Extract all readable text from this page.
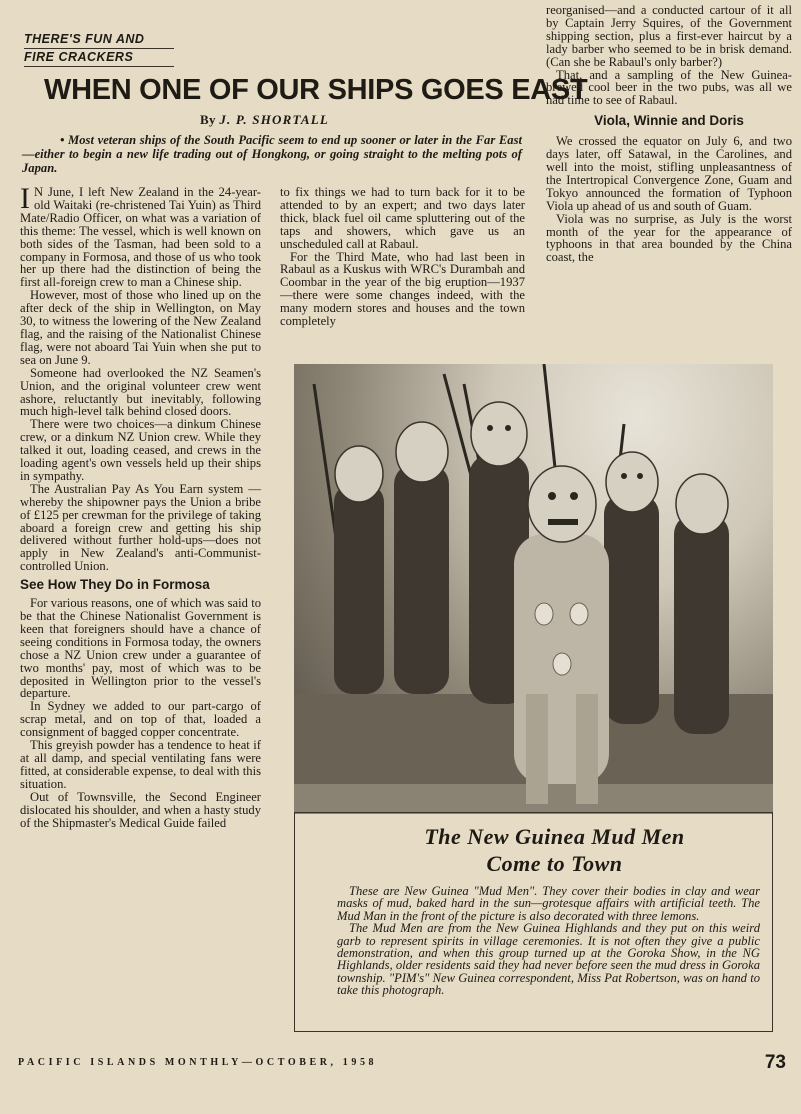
THERE'S FUN AND
FIRE CRACKERS
WHEN ONE OF OUR SHIPS GOES EAST
By J. P. SHORTALL
• Most veteran ships of the South Pacific seem to end up sooner or later in the Far East—either to begin a new life trading out of Hongkong, or going straight to the melting pots of Japan.

I N June, I left New Zealand in the 24-year-old Waitaki (re-christened Tai Yuin) as Third Mate/Radio Officer, on what was a variation of this theme: The vessel, which is well known on both sides of the Tasman, had been sold to a company in Formosa, and those of us who took her up there had the distinction of being the first all-foreign crew to man a Chinese ship.

However, most of those who lined up on the after deck of the ship in Wellington, on May 30, to witness the lowering of the New Zealand flag, and the raising of the Nationalist Chinese flag, were not aboard Tai Yuin when she put to sea on June 9.

Someone had overlooked the NZ Seamen's Union, and the original volunteer crew went ashore, reluctantly but inevitably, following much high-level talk behind closed doors.

There were two choices—a dinkum Chinese crew, or a dinkum NZ Union crew. While they talked it out, loading ceased, and crews in the loading agent's own vessels held up their ships in sympathy.

The Australian Pay As You Earn system — whereby the shipowner pays the Union a bribe of £125 per crewman for the privilege of taking aboard a foreign crew and getting his ship delivered without further hold-ups—does not apply in New Zealand's anti-Communist-controlled Union.

See How They Do in Formosa

For various reasons, one of which was said to be that the Chinese Nationalist Government is keen that foreigners should have a chance of seeing conditions in Formosa today, the owners chose a NZ Union crew under a guarantee of two months' pay, most of which was to be deposited in Wellington prior to the vessel's departure.

In Sydney we added to our part-cargo of scrap metal, and on top of that, loaded a consignment of bagged copper concentrate.

This greyish powder has a tendence to heat if at all damp, and special ventilating fans were fitted, at considerable expense, to deal with this situation.

Out of Townsville, the Second Engineer dislocated his shoulder, and when a hasty study of the Shipmaster's Medical Guide failed

to fix things we had to turn back for it to be attended to by an expert; and two days later thick, black fuel oil came spluttering out of the taps and showers, which gave us an unscheduled call at Rabaul.

For the Third Mate, who had last been in Rabaul as a Kuskus with WRC's Durambah and Coombar in the year of the big eruption—1937—there were some changes indeed, with the many modern stores and houses and the town completely

reorganised—and a conducted cartour of it all by Captain Jerry Squires, of the Government shipping section, plus a first-ever haircut by a lady barber who seemed to be in brisk demand. (Can she be Rabaul's only barber?)

That, and a sampling of the New Guinea-brewed cool beer in the two pubs, was all we had time to see of Rabaul.

Viola, Winnie and Doris

We crossed the equator on July 6, and two days later, off Satawal, in the Carolines, and well into the moist, stifling unpleasantness of the Intertropical Convergence Zone, Guam and Tokyo announced the formation of Typhoon Viola up ahead of us and south of Guam.

Viola was no surprise, as July is the worst month of the year for the appearance of typhoons in that area bounded by the China coast, the

The New Guinea Mud Men
Come to Town

These are New Guinea "Mud Men". They cover their bodies in clay and wear masks of mud, baked hard in the sun—grotesque affairs with artificial teeth. The Mud Man in the front of the picture is also decorated with three lemons.

The Mud Men are from the New Guinea Highlands and they put on this weird garb to represent spirits in village ceremonies. It is not often they give a public demonstration, and when this group turned up at the Goroka Show, in the NG Highlands, older residents said they had never before seen the mud dress in Goroka township. "PIM's" New Guinea correspondent, Miss Pat Robertson, was on hand to take this photograph.

PACIFIC ISLANDS MONTHLY—OCTOBER, 1958	73
